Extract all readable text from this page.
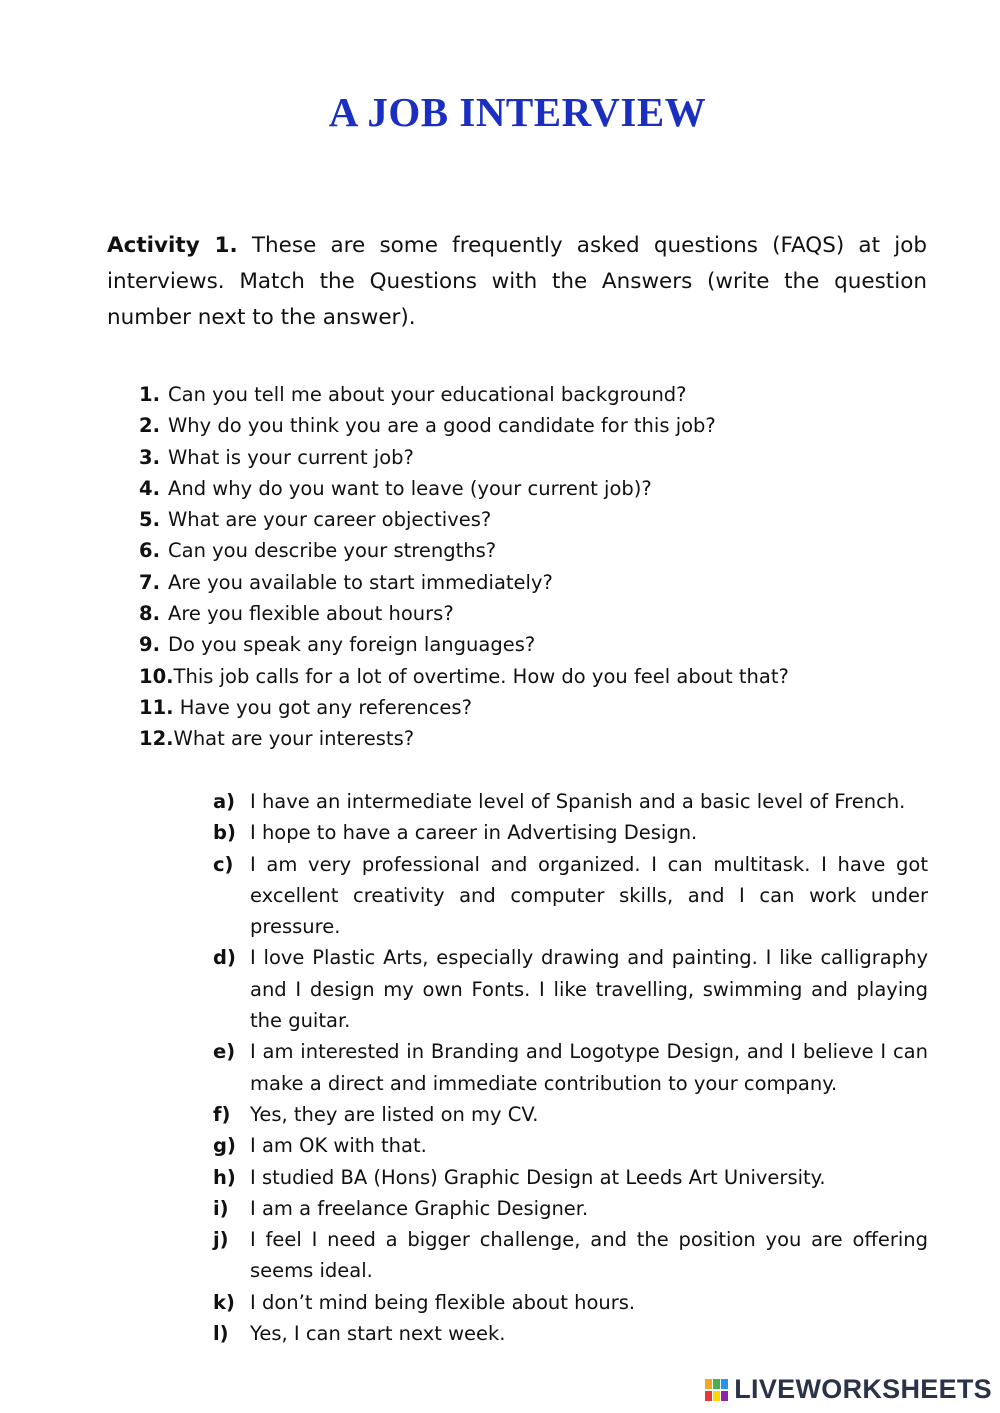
A JOB INTERVIEW

Activity 1. These are some frequently asked questions (FAQS) at job interviews. Match the Questions with the Answers (write the question number next to the answer).

1. Can you tell me about your educational background?
2. Why do you think you are a good candidate for this job?
3. What is your current job?
4. And why do you want to leave (your current job)?
5. What are your career objectives?
6. Can you describe your strengths?
7. Are you available to start immediately?
8. Are you flexible about hours?
9. Do you speak any foreign languages?
10.This job calls for a lot of overtime. How do you feel about that?
11. Have you got any references?
12.What are your interests?
a) I have an intermediate level of Spanish and a basic level of French.
b) I hope to have a career in Advertising Design.
c) I am very professional and organized. I can multitask. I have got excellent creativity and computer skills, and I can work under pressure.
d) I love Plastic Arts, especially drawing and painting. I like calligraphy and I design my own Fonts. I like travelling, swimming and playing the guitar.
e) I am interested in Branding and Logotype Design, and I believe I can make a direct and immediate contribution to your company.
f)	Yes, they are listed on my CV.
g) I am OK with that.
h) I studied BA (Hons) Graphic Design at Leeds Art University.
i)	I am a freelance Graphic Designer.
j)	I feel I need a bigger challenge, and the position you are offering seems ideal.
k) I don’t mind being flexible about hours.
l)	Yes, I can start next week.
LIVEWORKSHEETS
